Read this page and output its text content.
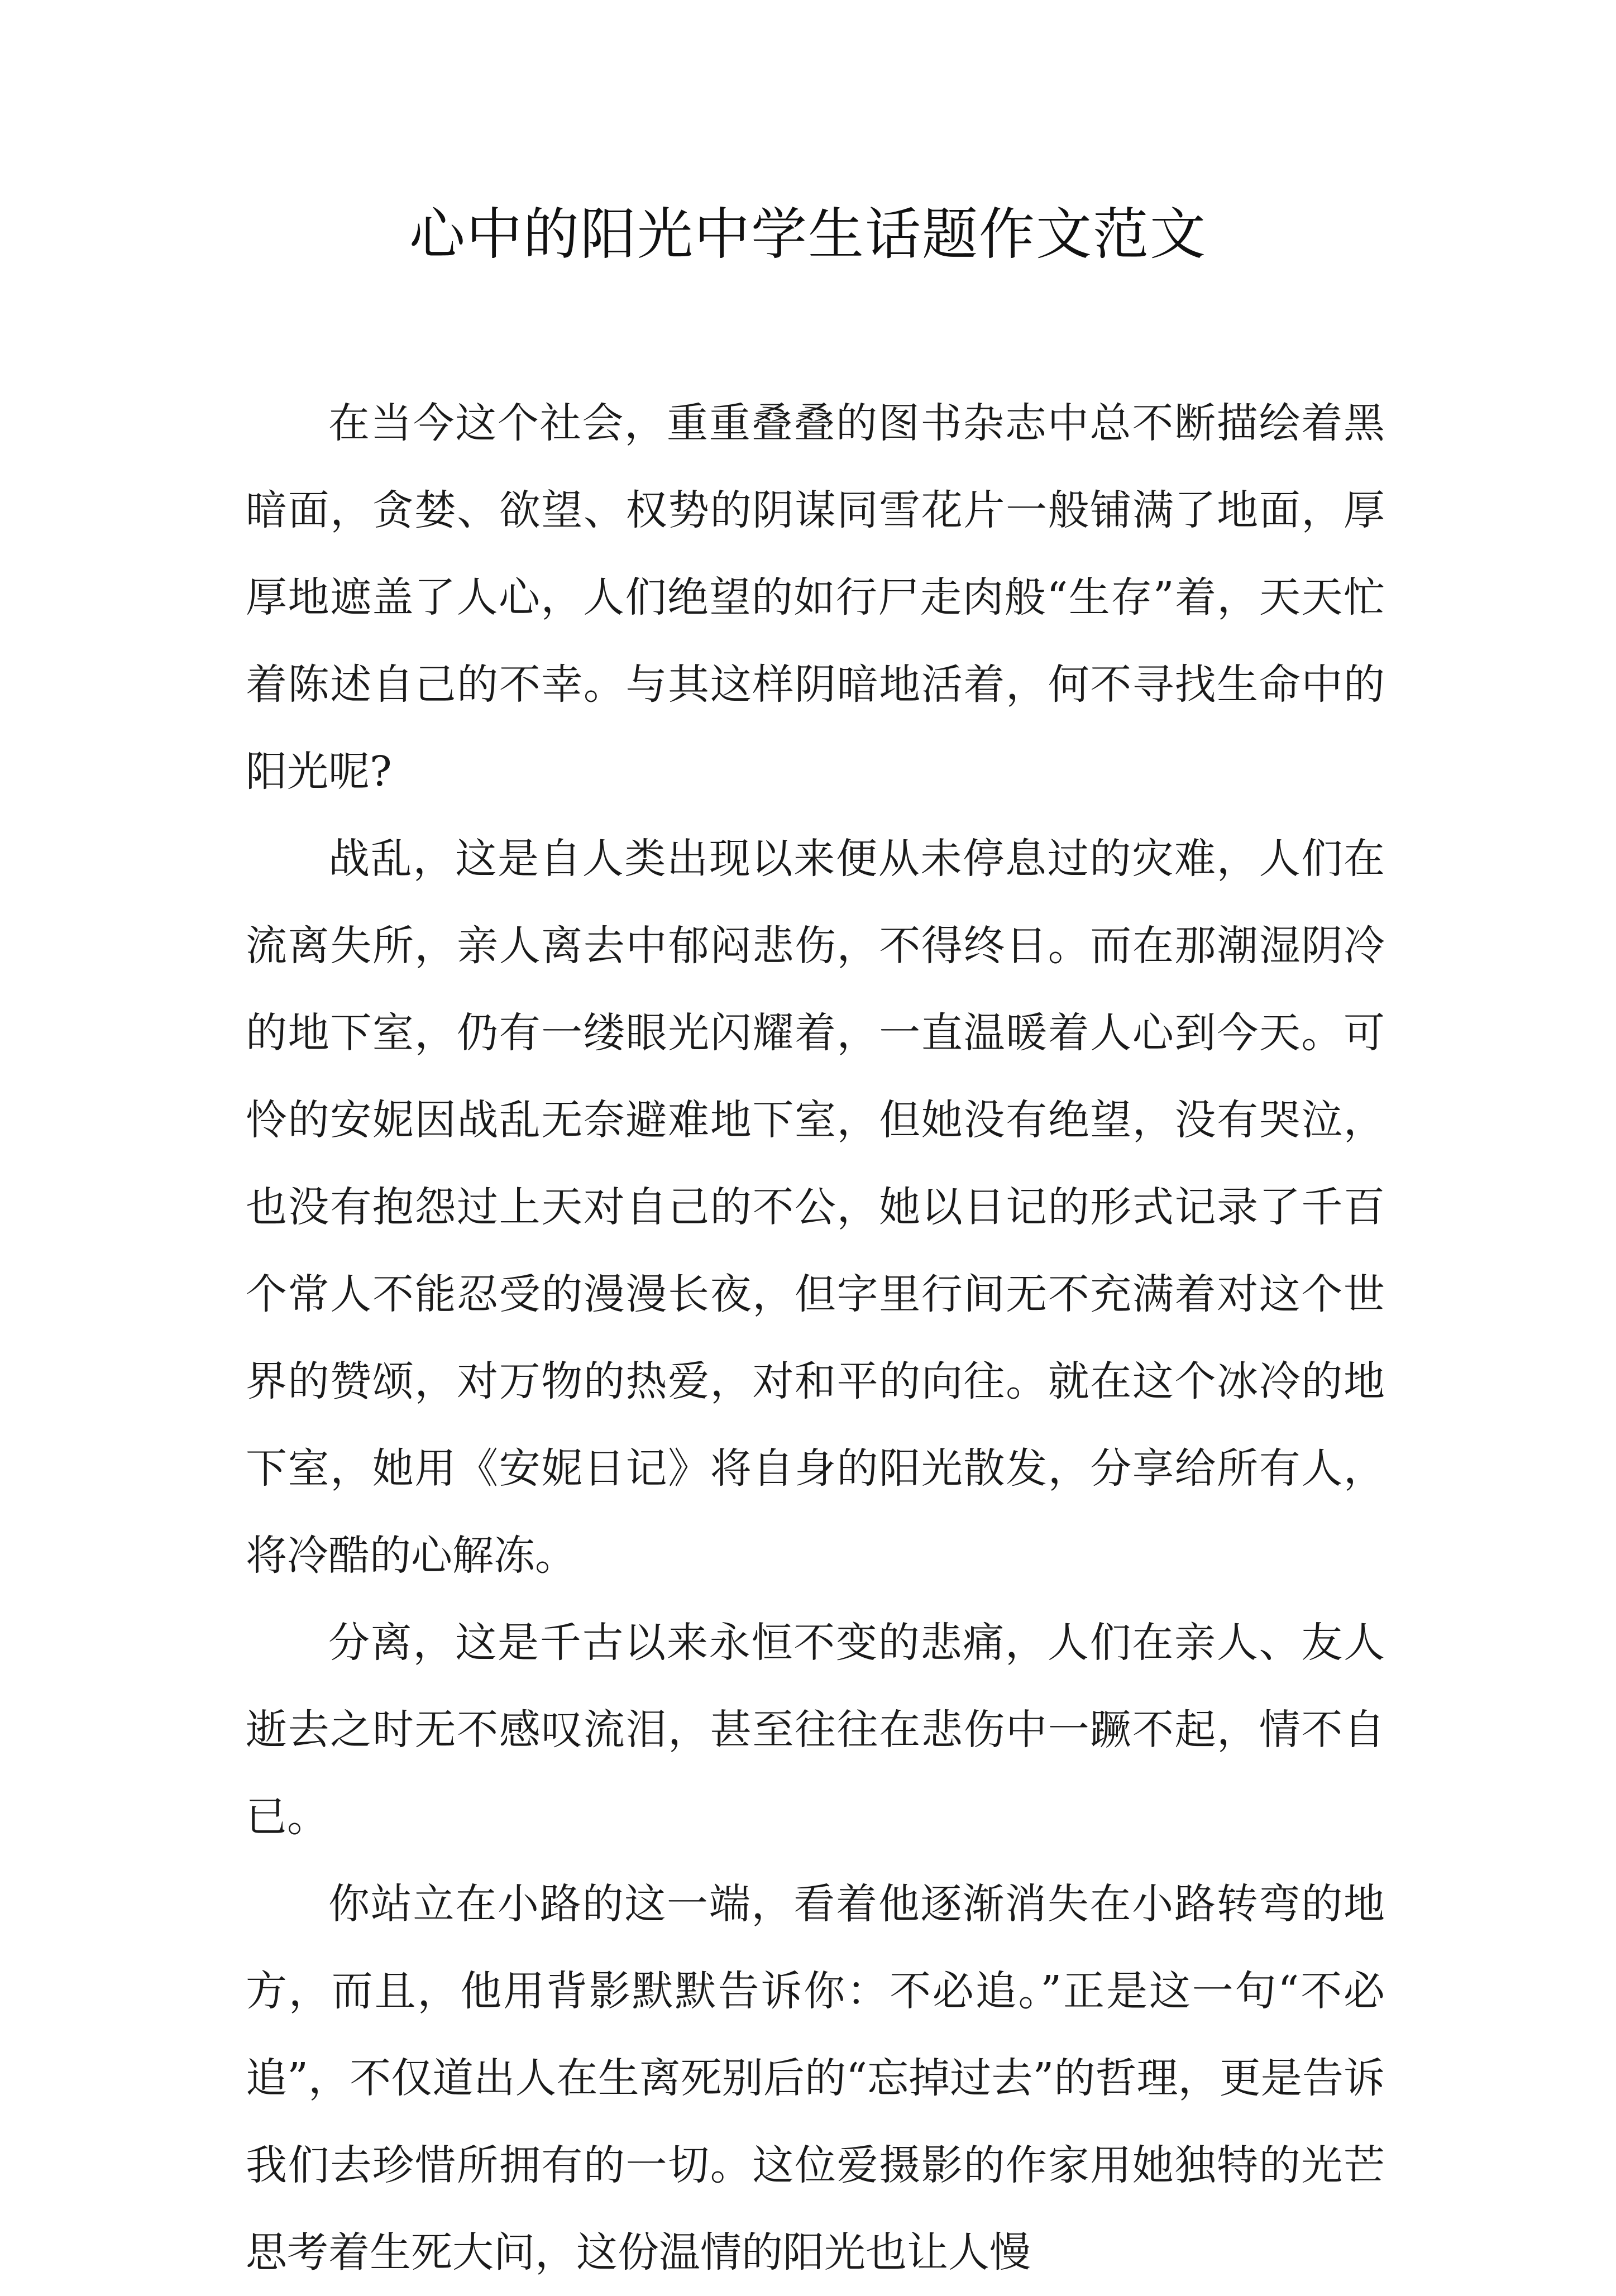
心中的阳光中学生话题作文范文

在当今这个社会，重重叠叠的图书杂志中总不断描绘着黑暗面，贪婪、欲望、权势的阴谋同雪花片一般铺满了地面，厚厚地遮盖了人心，人们绝望的如行尸走肉般“生存”着，天天忙着陈述自己的不幸。与其这样阴暗地活着，何不寻找生命中的阳光呢?

战乱，这是自人类出现以来便从未停息过的灾难，人们在流离失所，亲人离去中郁闷悲伤，不得终日。而在那潮湿阴冷的地下室，仍有一缕眼光闪耀着，一直温暖着人心到今天。可怜的安妮因战乱无奈避难地下室，但她没有绝望，没有哭泣，也没有抱怨过上天对自己的不公，她以日记的形式记录了千百个常人不能忍受的漫漫长夜，但字里行间无不充满着对这个世界的赞颂，对万物的热爱，对和平的向往。就在这个冰冷的地下室，她用《安妮日记》将自身的阳光散发，分享给所有人，将冷酷的心解冻。

分离，这是千古以来永恒不变的悲痛，人们在亲人、友人逝去之时无不感叹流泪，甚至往往在悲伤中一蹶不起，情不自已。

你站立在小路的这一端，看着他逐渐消失在小路转弯的地方，而且，他用背影默默告诉你：不必追。”正是这一句“不必追”，不仅道出人在生离死别后的“忘掉过去”的哲理，更是告诉我们去珍惜所拥有的一切。这位爱摄影的作家用她独特的光芒思考着生死大问，这份温情的阳光也让人慢
